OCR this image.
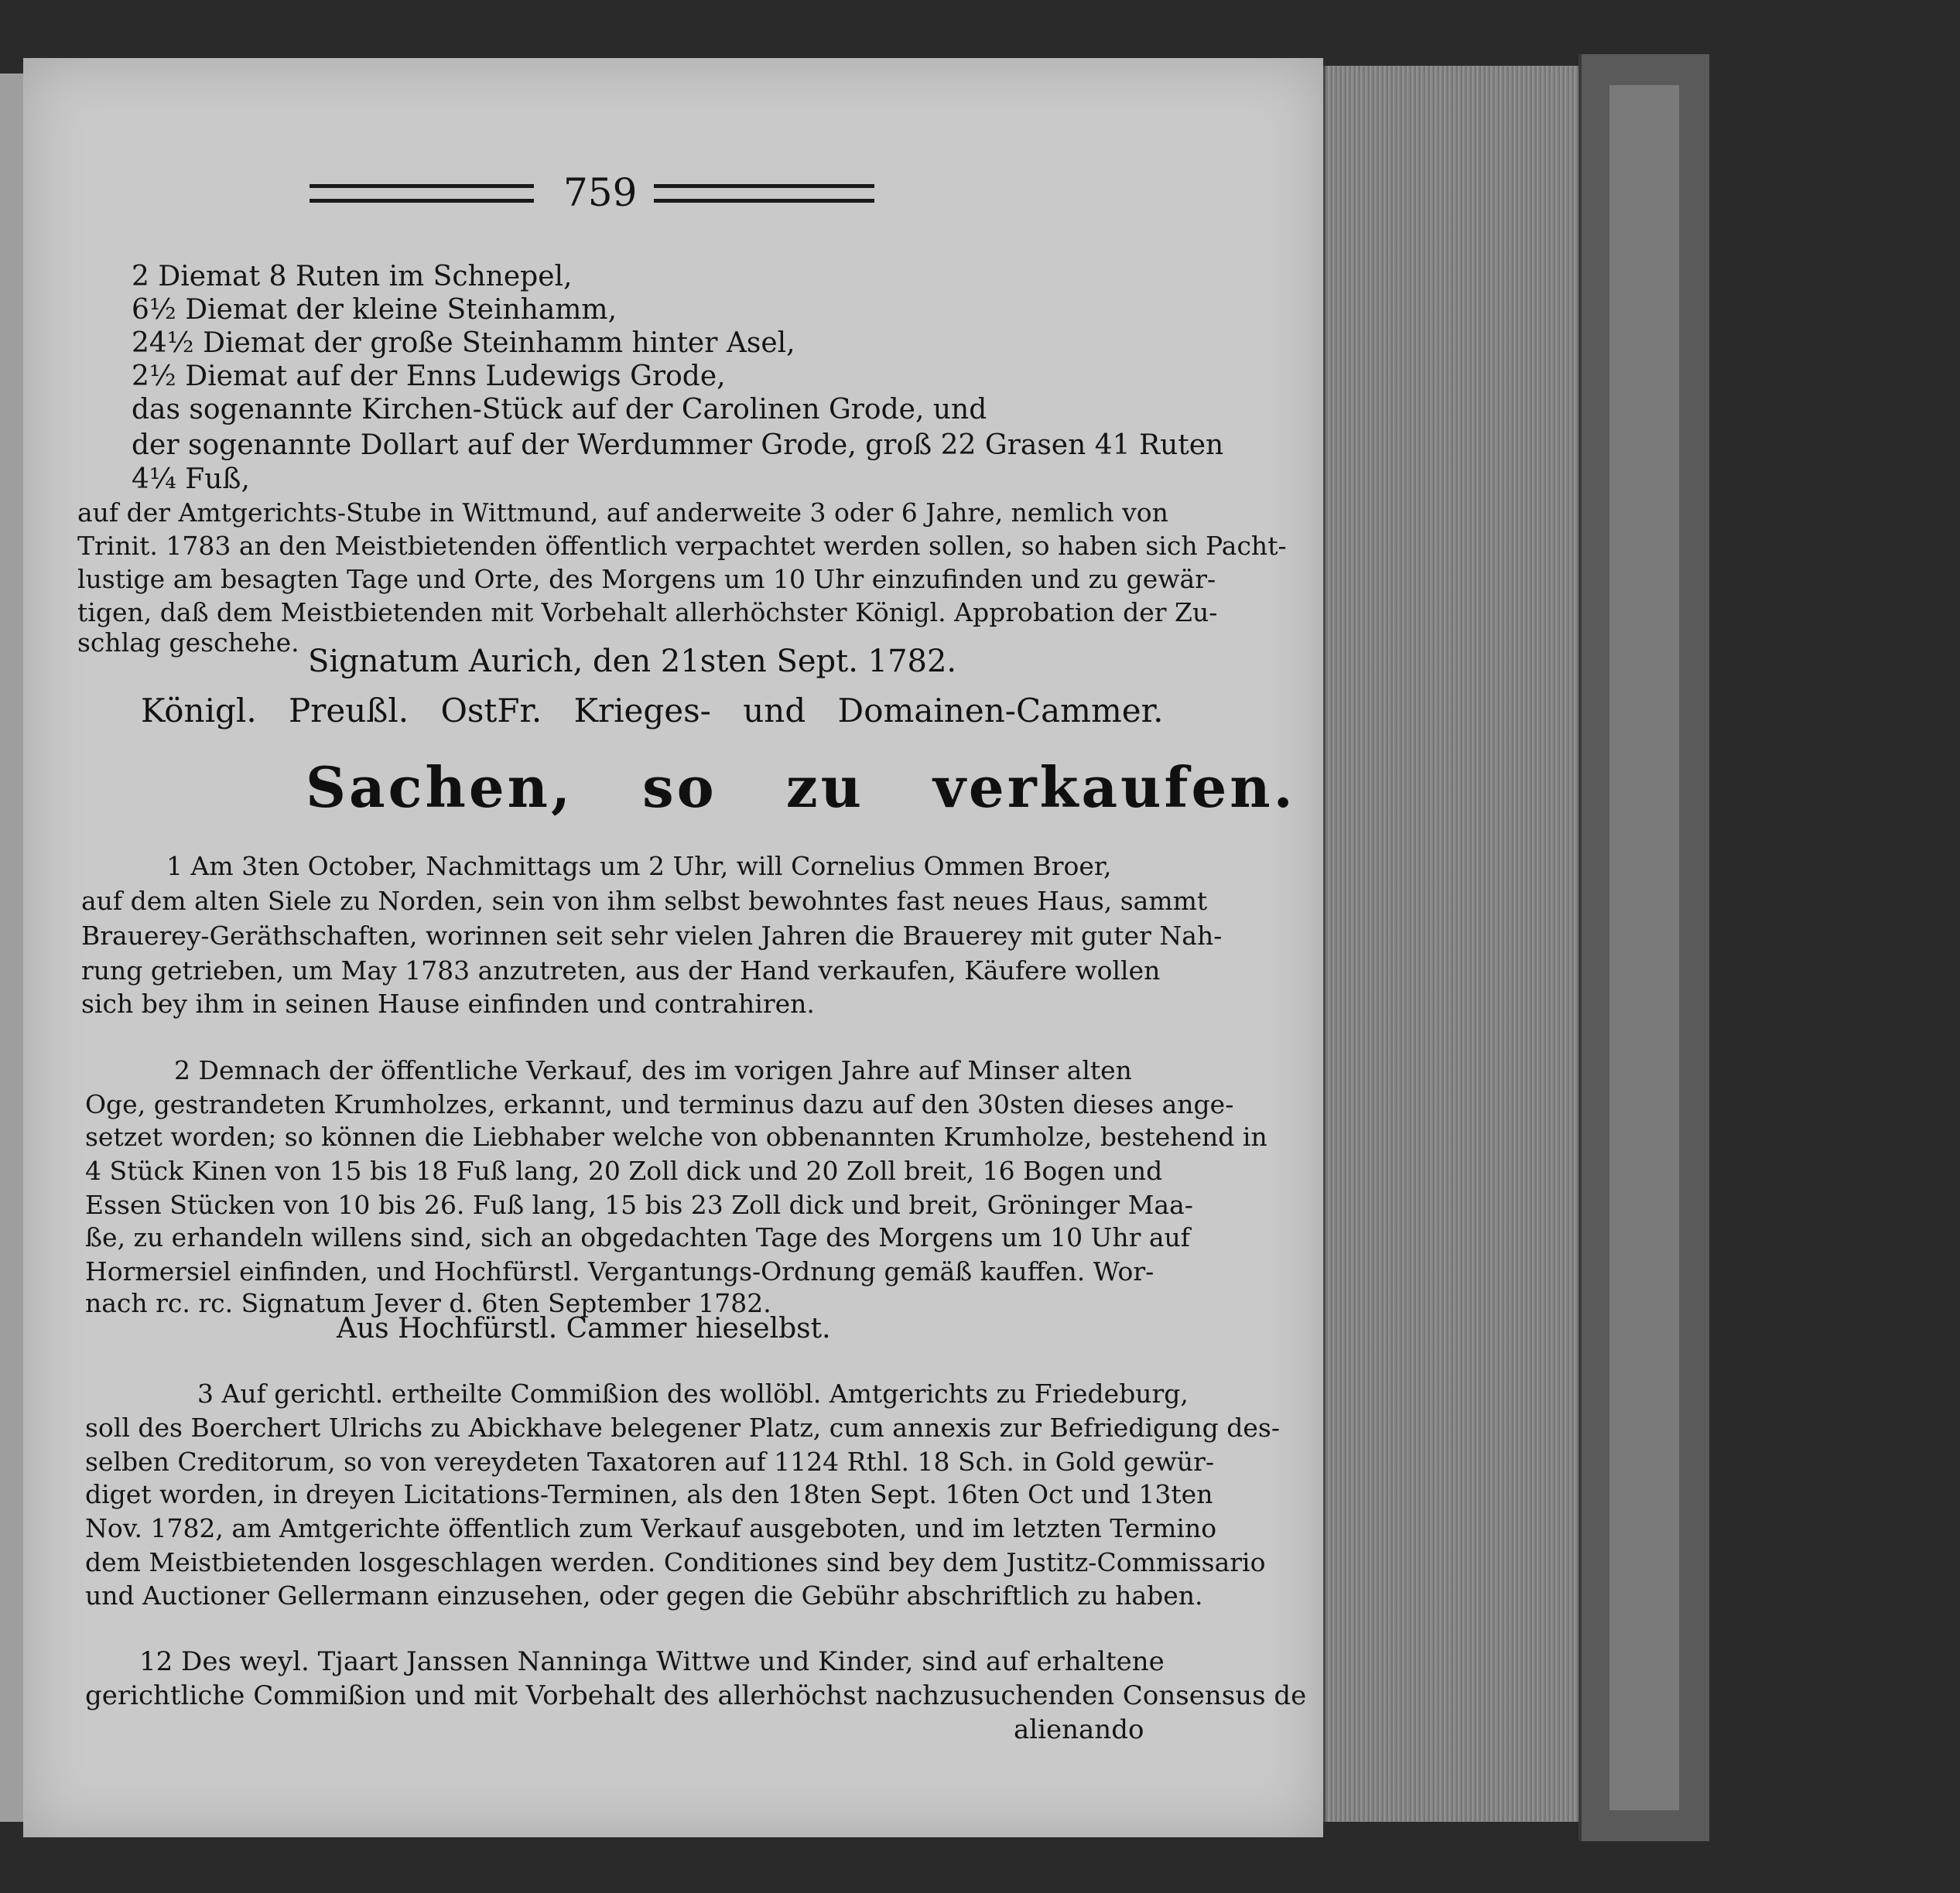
759
2 Diemat 8 Ruten im Schnepel,
6½ Diemat der kleine Steinhamm,
24½ Diemat der große Steinhamm hinter Asel,
2½ Diemat auf der Enns Ludewigs Grode,
das sogenannte Kirchen-Stück auf der Carolinen Grode, und
der sogenannte Dollart auf der Werdummer Grode, groß 22 Grasen 41 Ruten
4¼ Fuß,
auf der Amtgerichts-Stube in Wittmund, auf anderweite 3 oder 6 Jahre, nemlich von
Trinit. 1783 an den Meistbietenden öffentlich verpachtet werden sollen, so haben sich Pacht-
lustige am besagten Tage und Orte, des Morgens um 10 Uhr einzufinden und zu gewär-
tigen, daß dem Meistbietenden mit Vorbehalt allerhöchster Königl. Approbation der Zu-
schlag geschehe.
Signatum Aurich, den 21sten Sept. 1782.
Königl. Preußl. OstFr. Krieges- und Domainen-Cammer.
Sachen, so zu verkaufen.
1 Am 3ten October, Nachmittags um 2 Uhr, will Cornelius Ommen Broer,
auf dem alten Siele zu Norden, sein von ihm selbst bewohntes fast neues Haus, sammt
Brauerey-Geräthschaften, worinnen seit sehr vielen Jahren die Brauerey mit guter Nah-
rung getrieben, um May 1783 anzutreten, aus der Hand verkaufen, Käufere wollen
sich bey ihm in seinen Hause einfinden und contrahiren.
2 Demnach der öffentliche Verkauf, des im vorigen Jahre auf Minser alten
Oge, gestrandeten Krumholzes, erkannt, und terminus dazu auf den 30sten dieses ange-
setzet worden; so können die Liebhaber welche von obbenannten Krumholze, bestehend in
4 Stück Kinen von 15 bis 18 Fuß lang, 20 Zoll dick und 20 Zoll breit, 16 Bogen und
Essen Stücken von 10 bis 26. Fuß lang, 15 bis 23 Zoll dick und breit, Gröninger Maa-
ße, zu erhandeln willens sind, sich an obgedachten Tage des Morgens um 10 Uhr auf
Hormersiel einfinden, und Hochfürstl. Vergantungs-Ordnung gemäß kauffen. Wor-
nach rc. rc. Signatum Jever d. 6ten September 1782.
Aus Hochfürstl. Cammer hieselbst.
3 Auf gerichtl. ertheilte Commißion des wollöbl. Amtgerichts zu Friedeburg,
soll des Boerchert Ulrichs zu Abickhave belegener Platz, cum annexis zur Befriedigung des-
selben Creditorum, so von vereydeten Taxatoren auf 1124 Rthl. 18 Sch. in Gold gewür-
diget worden, in dreyen Licitations-Terminen, als den 18ten Sept. 16ten Oct und 13ten
Nov. 1782, am Amtgerichte öffentlich zum Verkauf ausgeboten, und im letzten Termino
dem Meistbietenden losgeschlagen werden. Conditiones sind bey dem Justitz-Commissario
und Auctioner Gellermann einzusehen, oder gegen die Gebühr abschriftlich zu haben.
12 Des weyl. Tjaart Janssen Nanninga Wittwe und Kinder, sind auf erhaltene
gerichtliche Commißion und mit Vorbehalt des allerhöchst nachzusuchenden Consensus de
alienando
